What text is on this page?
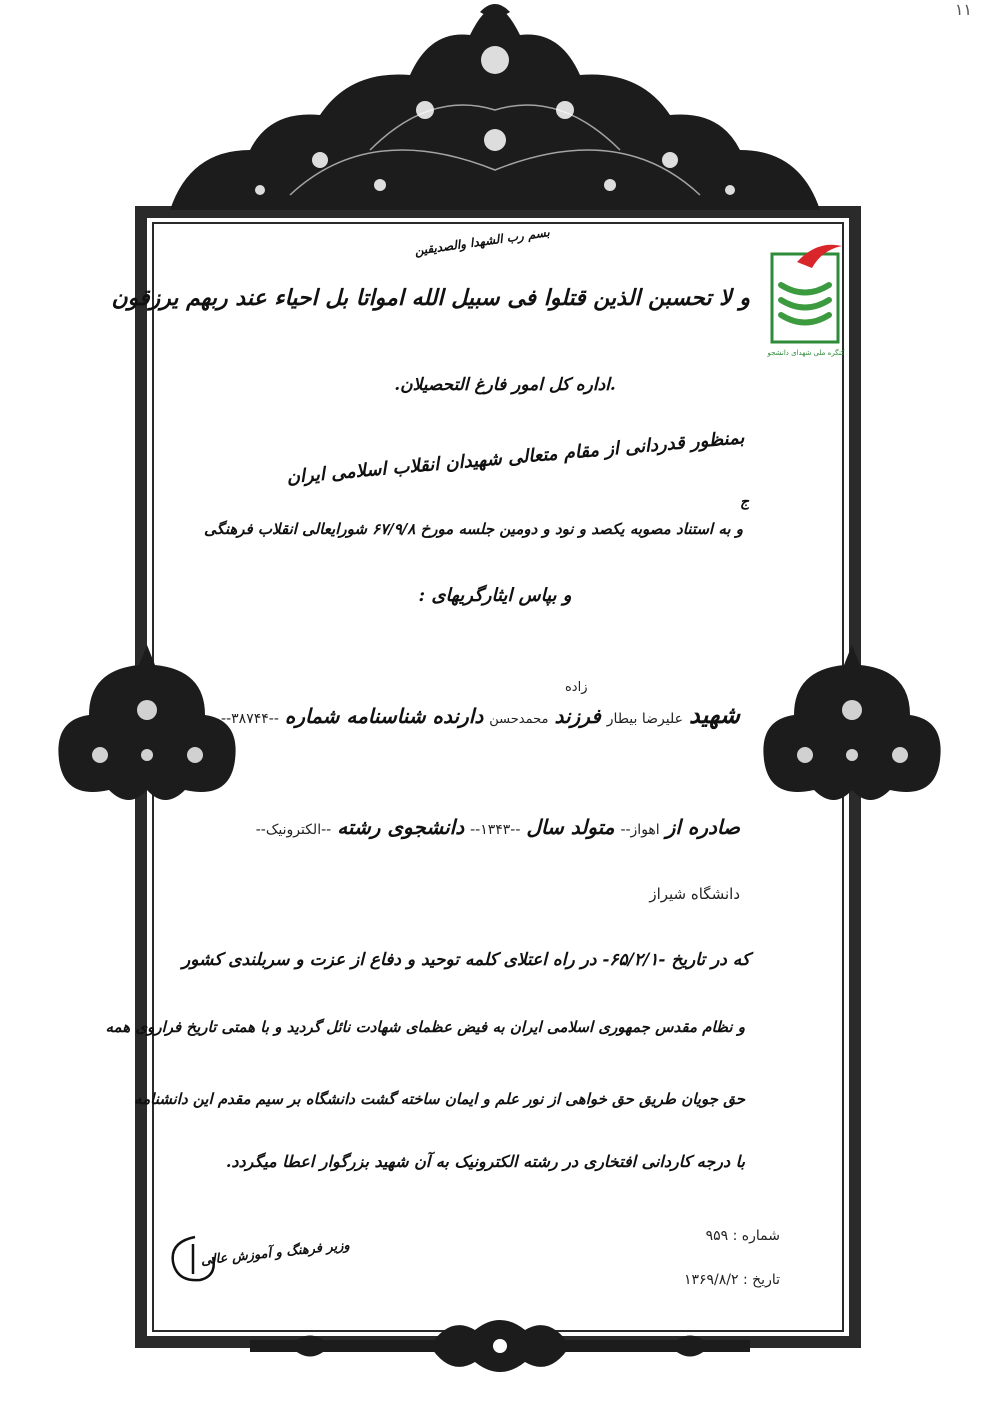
۱۱
کنگره ملی شهدای دانشجو
بسم رب الشهدا والصدیقین
و لا تحسبن الذین قتلوا فی سبیل الله امواتا بل احیاء عند ربهم یرزقون
.اداره کل امور فارغ التحصیلان.
بمنظور قدردانی از مقام متعالی شهیدان انقلاب اسلامی ایران
و به استناد مصوبه یکصد و نود و دومین جلسه مورخ ۶۷/۹/۸ شورایعالی انقلاب فرهنگی
ج
و بپاس ایثارگریهای :
شهید
علیرضا بیطار
فرزند
محمدحسن
دارنده شناسنامه شماره
--۳۸۷۴۴--
زاده
صادره از
اهواز--
متولد سال
--۱۳۴۳--
دانشجوی رشته
--الکترونیک--
دانشگاه شیراز
که در تاریخ ‎-۶۵/۲/۱-‎ در راه اعتلای کلمه توحید و دفاع از عزت و سربلندی کشور
و نظام مقدس جمهوری اسلامی ایران به فیض عظمای شهادت نائل گردید و با همتی تاریخ فراروی همه
حق جویان طریق حق خواهی از نور علم و ایمان ساخته گشت دانشگاه بر سیم مقدم این دانشنامه
با درجه کاردانی افتخاری در رشته الکترونیک به آن شهید بزرگوار اعطا میگردد.
شماره : ۹۵۹
تاریخ : ۱۳۶۹/۸/۲
وزیر فرهنگ و آموزش عالی
